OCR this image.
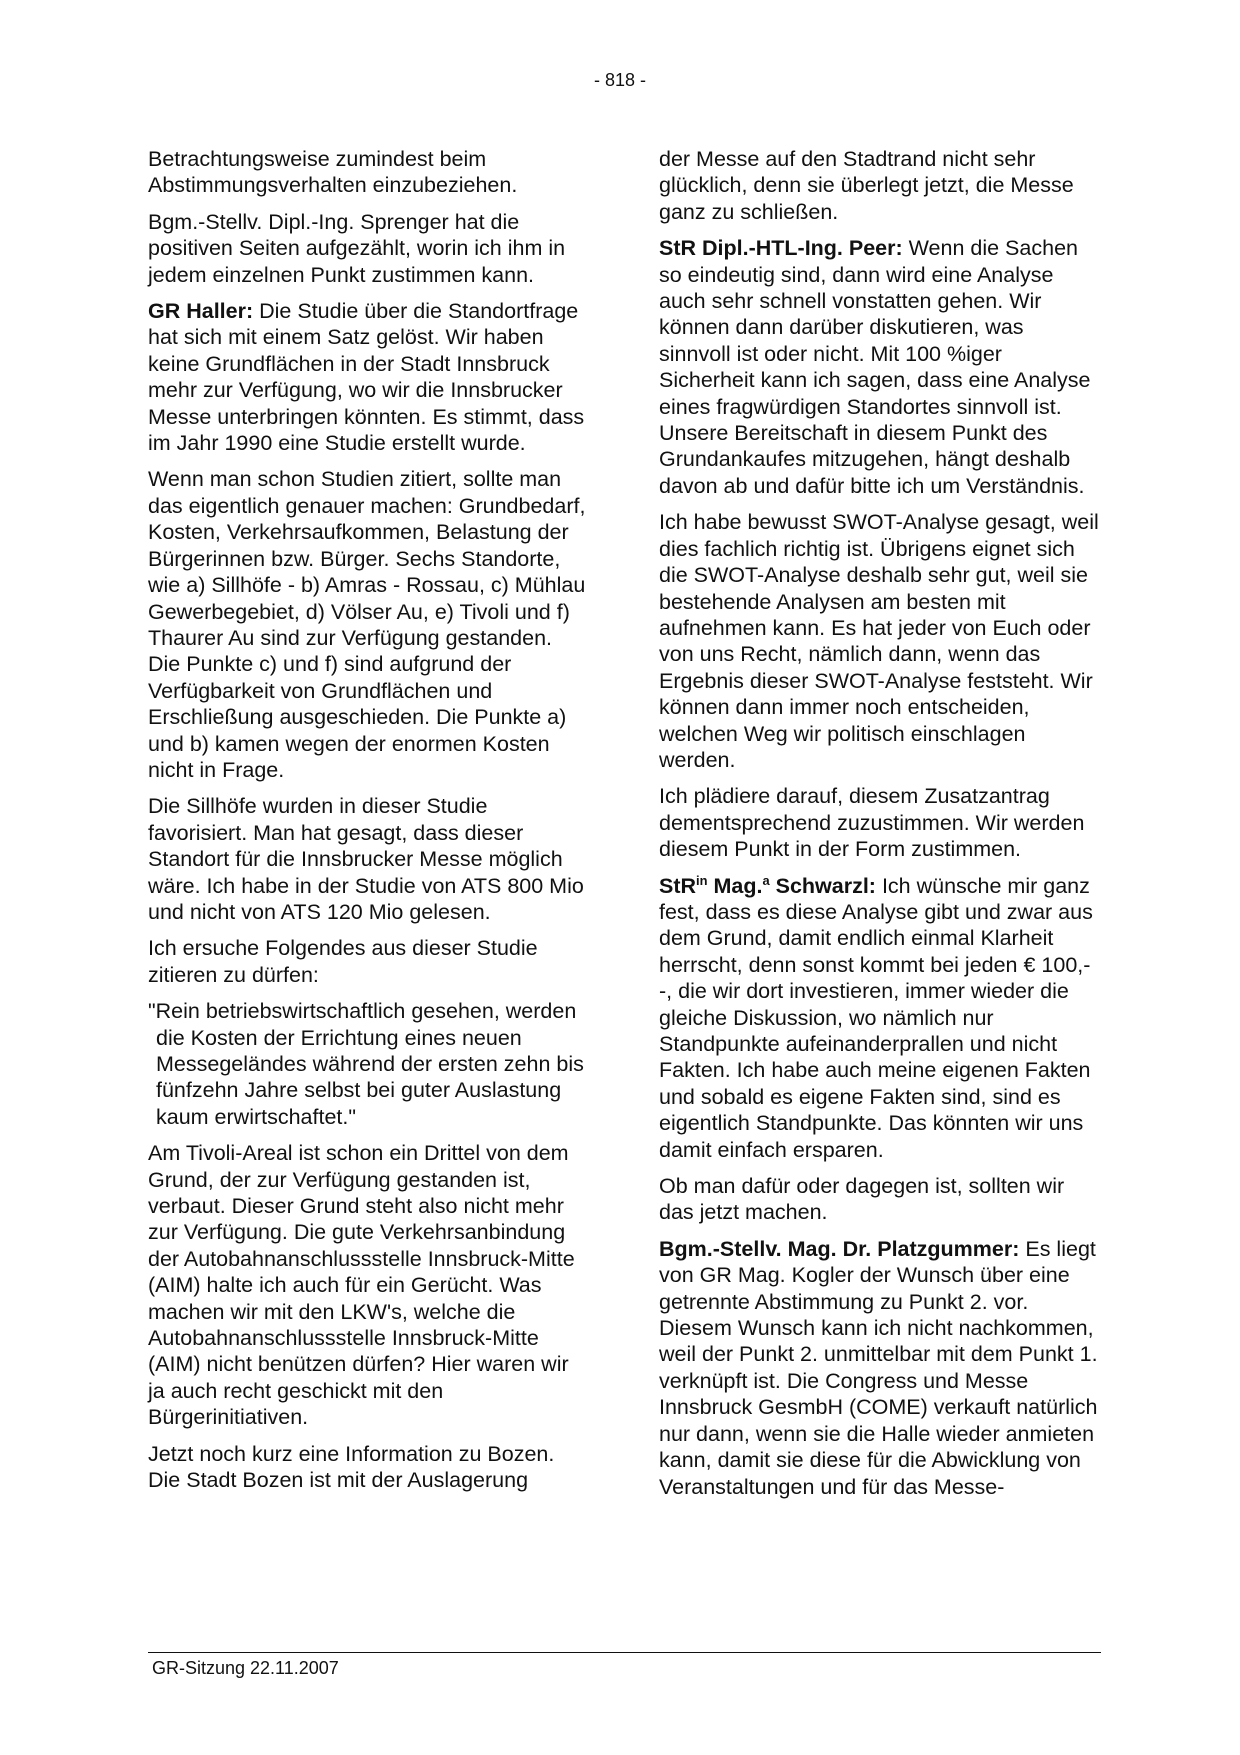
- 818 -

Betrachtungsweise zumindest beim Abstimmungsverhalten einzubeziehen.

Bgm.-Stellv. Dipl.-Ing. Sprenger hat die positiven Seiten aufgezählt, worin ich ihm in jedem einzelnen Punkt zustimmen kann.

GR Haller: Die Studie über die Standortfrage hat sich mit einem Satz gelöst. Wir haben keine Grundflächen in der Stadt Innsbruck mehr zur Verfügung, wo wir die Innsbrucker Messe unterbringen könnten. Es stimmt, dass im Jahr 1990 eine Studie erstellt wurde.

Wenn man schon Studien zitiert, sollte man das eigentlich genauer machen: Grundbedarf, Kosten, Verkehrsaufkommen, Belastung der Bürgerinnen bzw. Bürger. Sechs Standorte, wie a) Sillhöfe - b) Amras - Rossau, c) Mühlau Gewerbegebiet, d) Völser Au, e) Tivoli und f) Thaurer Au sind zur Verfügung gestanden. Die Punkte c) und f) sind aufgrund der Verfügbarkeit von Grundflächen und Erschließung ausgeschieden. Die Punkte a) und b) kamen wegen der enormen Kosten nicht in Frage.

Die Sillhöfe wurden in dieser Studie favorisiert. Man hat gesagt, dass dieser Standort für die Innsbrucker Messe möglich wäre. Ich habe in der Studie von ATS 800 Mio und nicht von ATS 120 Mio gelesen.

Ich ersuche Folgendes aus dieser Studie zitieren zu dürfen:

"Rein betriebswirtschaftlich gesehen, werden die Kosten der Errichtung eines neuen Messegeländes während der ersten zehn bis fünfzehn Jahre selbst bei guter Auslastung kaum erwirtschaftet."

Am Tivoli-Areal ist schon ein Drittel von dem Grund, der zur Verfügung gestanden ist, verbaut. Dieser Grund steht also nicht mehr zur Verfügung. Die gute Verkehrsanbindung der Autobahnanschlussstelle Innsbruck-Mitte (AIM) halte ich auch für ein Gerücht. Was machen wir mit den LKW's, welche die Autobahnanschlussstelle Innsbruck-Mitte (AIM) nicht benützen dürfen? Hier waren wir ja auch recht geschickt mit den Bürgerinitiativen.

Jetzt noch kurz eine Information zu Bozen. Die Stadt Bozen ist mit der Auslagerung

der Messe auf den Stadtrand nicht sehr glücklich, denn sie überlegt jetzt, die Messe ganz zu schließen.

StR Dipl.-HTL-Ing. Peer: Wenn die Sachen so eindeutig sind, dann wird eine Analyse auch sehr schnell vonstatten gehen. Wir können dann darüber diskutieren, was sinnvoll ist oder nicht. Mit 100 %iger Sicherheit kann ich sagen, dass eine Analyse eines fragwürdigen Standortes sinnvoll ist. Unsere Bereitschaft in diesem Punkt des Grundankaufes mitzugehen, hängt deshalb davon ab und dafür bitte ich um Verständnis.

Ich habe bewusst SWOT-Analyse gesagt, weil dies fachlich richtig ist. Übrigens eignet sich die SWOT-Analyse deshalb sehr gut, weil sie bestehende Analysen am besten mit aufnehmen kann. Es hat jeder von Euch oder von uns Recht, nämlich dann, wenn das Ergebnis dieser SWOT-Analyse feststeht. Wir können dann immer noch entscheiden, welchen Weg wir politisch einschlagen werden.

Ich plädiere darauf, diesem Zusatzantrag dementsprechend zuzustimmen. Wir werden diesem Punkt in der Form zustimmen.

StR$^{in}$ Mag.$^a$ Schwarzl: Ich wünsche mir ganz fest, dass es diese Analyse gibt und zwar aus dem Grund, damit endlich einmal Klarheit herrscht, denn sonst kommt bei jeden € 100,--, die wir dort investieren, immer wieder die gleiche Diskussion, wo nämlich nur Standpunkte aufeinanderprallen und nicht Fakten. Ich habe auch meine eigenen Fakten und sobald es eigene Fakten sind, sind es eigentlich Standpunkte. Das könnten wir uns damit einfach ersparen.

Ob man dafür oder dagegen ist, sollten wir das jetzt machen.

Bgm.-Stellv. Mag. Dr. Platzgummer: Es liegt von GR Mag. Kogler der Wunsch über eine getrennte Abstimmung zu Punkt 2. vor. Diesem Wunsch kann ich nicht nachkommen, weil der Punkt 2. unmittelbar mit dem Punkt 1. verknüpft ist. Die Congress und Messe Innsbruck GesmbH (COME) verkauft natürlich nur dann, wenn sie die Halle wieder anmieten kann, damit sie diese für die Abwicklung von Veranstaltungen und für das Messe-

GR-Sitzung 22.11.2007
